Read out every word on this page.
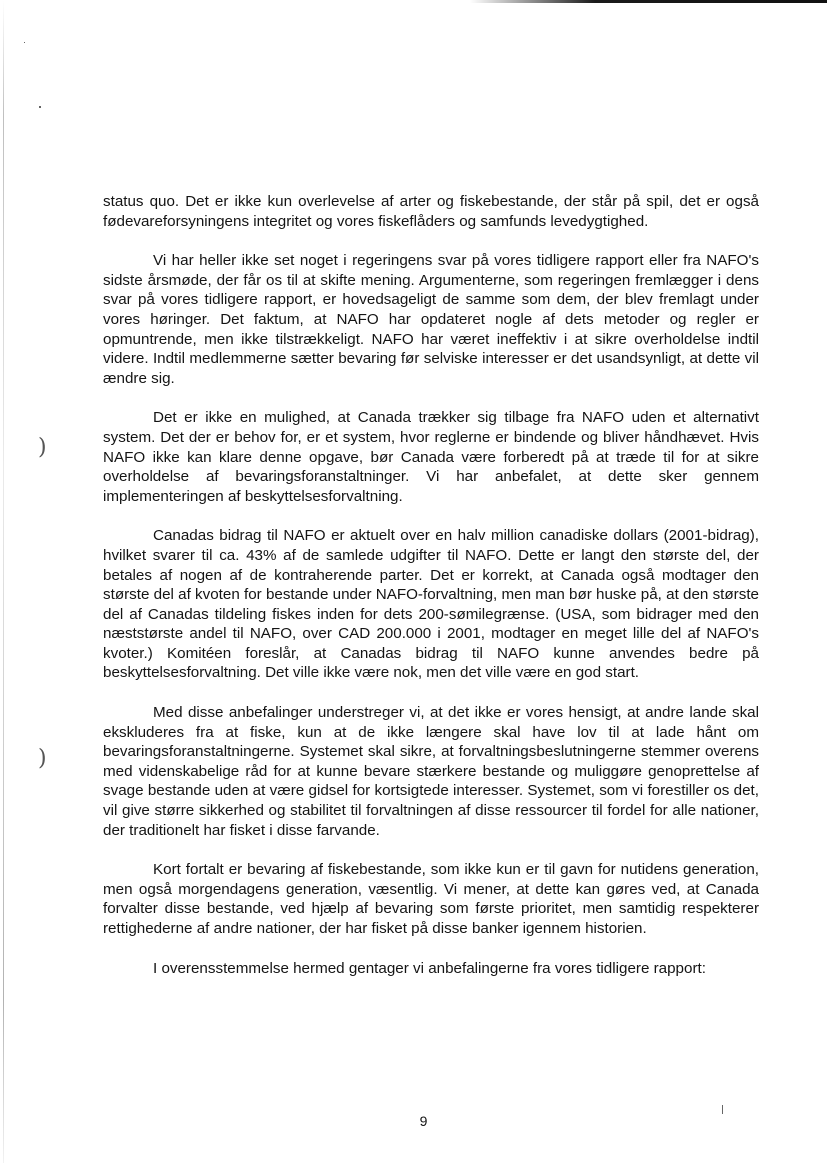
)
)

status quo. Det er ikke kun overlevelse af arter og fiskebestande, der står på spil, det er også fødevareforsyningens integritet og vores fiskeflåders og samfunds levedygtighed.

Vi har heller ikke set noget i regeringens svar på vores tidligere rapport eller fra NAFO's sidste årsmøde, der får os til at skifte mening. Argumenterne, som regeringen fremlægger i dens svar på vores tidligere rapport, er hovedsageligt de samme som dem, der blev fremlagt under vores høringer. Det faktum, at NAFO har opdateret nogle af dets metoder og regler er opmuntrende, men ikke tilstrækkeligt. NAFO har været ineffektiv i at sikre overholdelse indtil videre. Indtil medlemmerne sætter bevaring før selviske interesser er det usandsynligt, at dette vil ændre sig.

Det er ikke en mulighed, at Canada trækker sig tilbage fra NAFO uden et alternativt system. Det der er behov for, er et system, hvor reglerne er bindende og bliver håndhævet. Hvis NAFO ikke kan klare denne opgave, bør Canada være forberedt på at træde til for at sikre overholdelse af bevaringsforanstaltninger. Vi har anbefalet, at dette sker gennem implementeringen af beskyttelsesforvaltning.

Canadas bidrag til NAFO er aktuelt over en halv million canadiske dollars (2001-bidrag), hvilket svarer til ca. 43% af de samlede udgifter til NAFO. Dette er langt den største del, der betales af nogen af de kontraherende parter. Det er korrekt, at Canada også modtager den største del af kvoten for bestande under NAFO-forvaltning, men man bør huske på, at den største del af Canadas tildeling fiskes inden for dets 200-sømilegrænse. (USA, som bidrager med den næststørste andel til NAFO, over CAD 200.000 i 2001, modtager en meget lille del af NAFO's kvoter.) Komitéen foreslår, at Canadas bidrag til NAFO kunne anvendes bedre på beskyttelsesforvaltning. Det ville ikke være nok, men det ville være en god start.

Med disse anbefalinger understreger vi, at det ikke er vores hensigt, at andre lande skal ekskluderes fra at fiske, kun at de ikke længere skal have lov til at lade hånt om bevaringsforanstaltningerne. Systemet skal sikre, at forvaltningsbeslutningerne stemmer overens med videnskabelige råd for at kunne bevare stærkere bestande og muliggøre genoprettelse af svage bestande uden at være gidsel for kortsigtede interesser. Systemet, som vi forestiller os det, vil give større sikkerhed og stabilitet til forvaltningen af disse ressourcer til fordel for alle nationer, der traditionelt har fisket i disse farvande.

Kort fortalt er bevaring af fiskebestande, som ikke kun er til gavn for nutidens generation, men også morgendagens generation, væsentlig. Vi mener, at dette kan gøres ved, at Canada forvalter disse bestande, ved hjælp af bevaring som første prioritet, men samtidig respekterer rettighederne af andre nationer, der har fisket på disse banker igennem historien.

I overensstemmelse hermed gentager vi anbefalingerne fra vores tidligere rapport:

9
